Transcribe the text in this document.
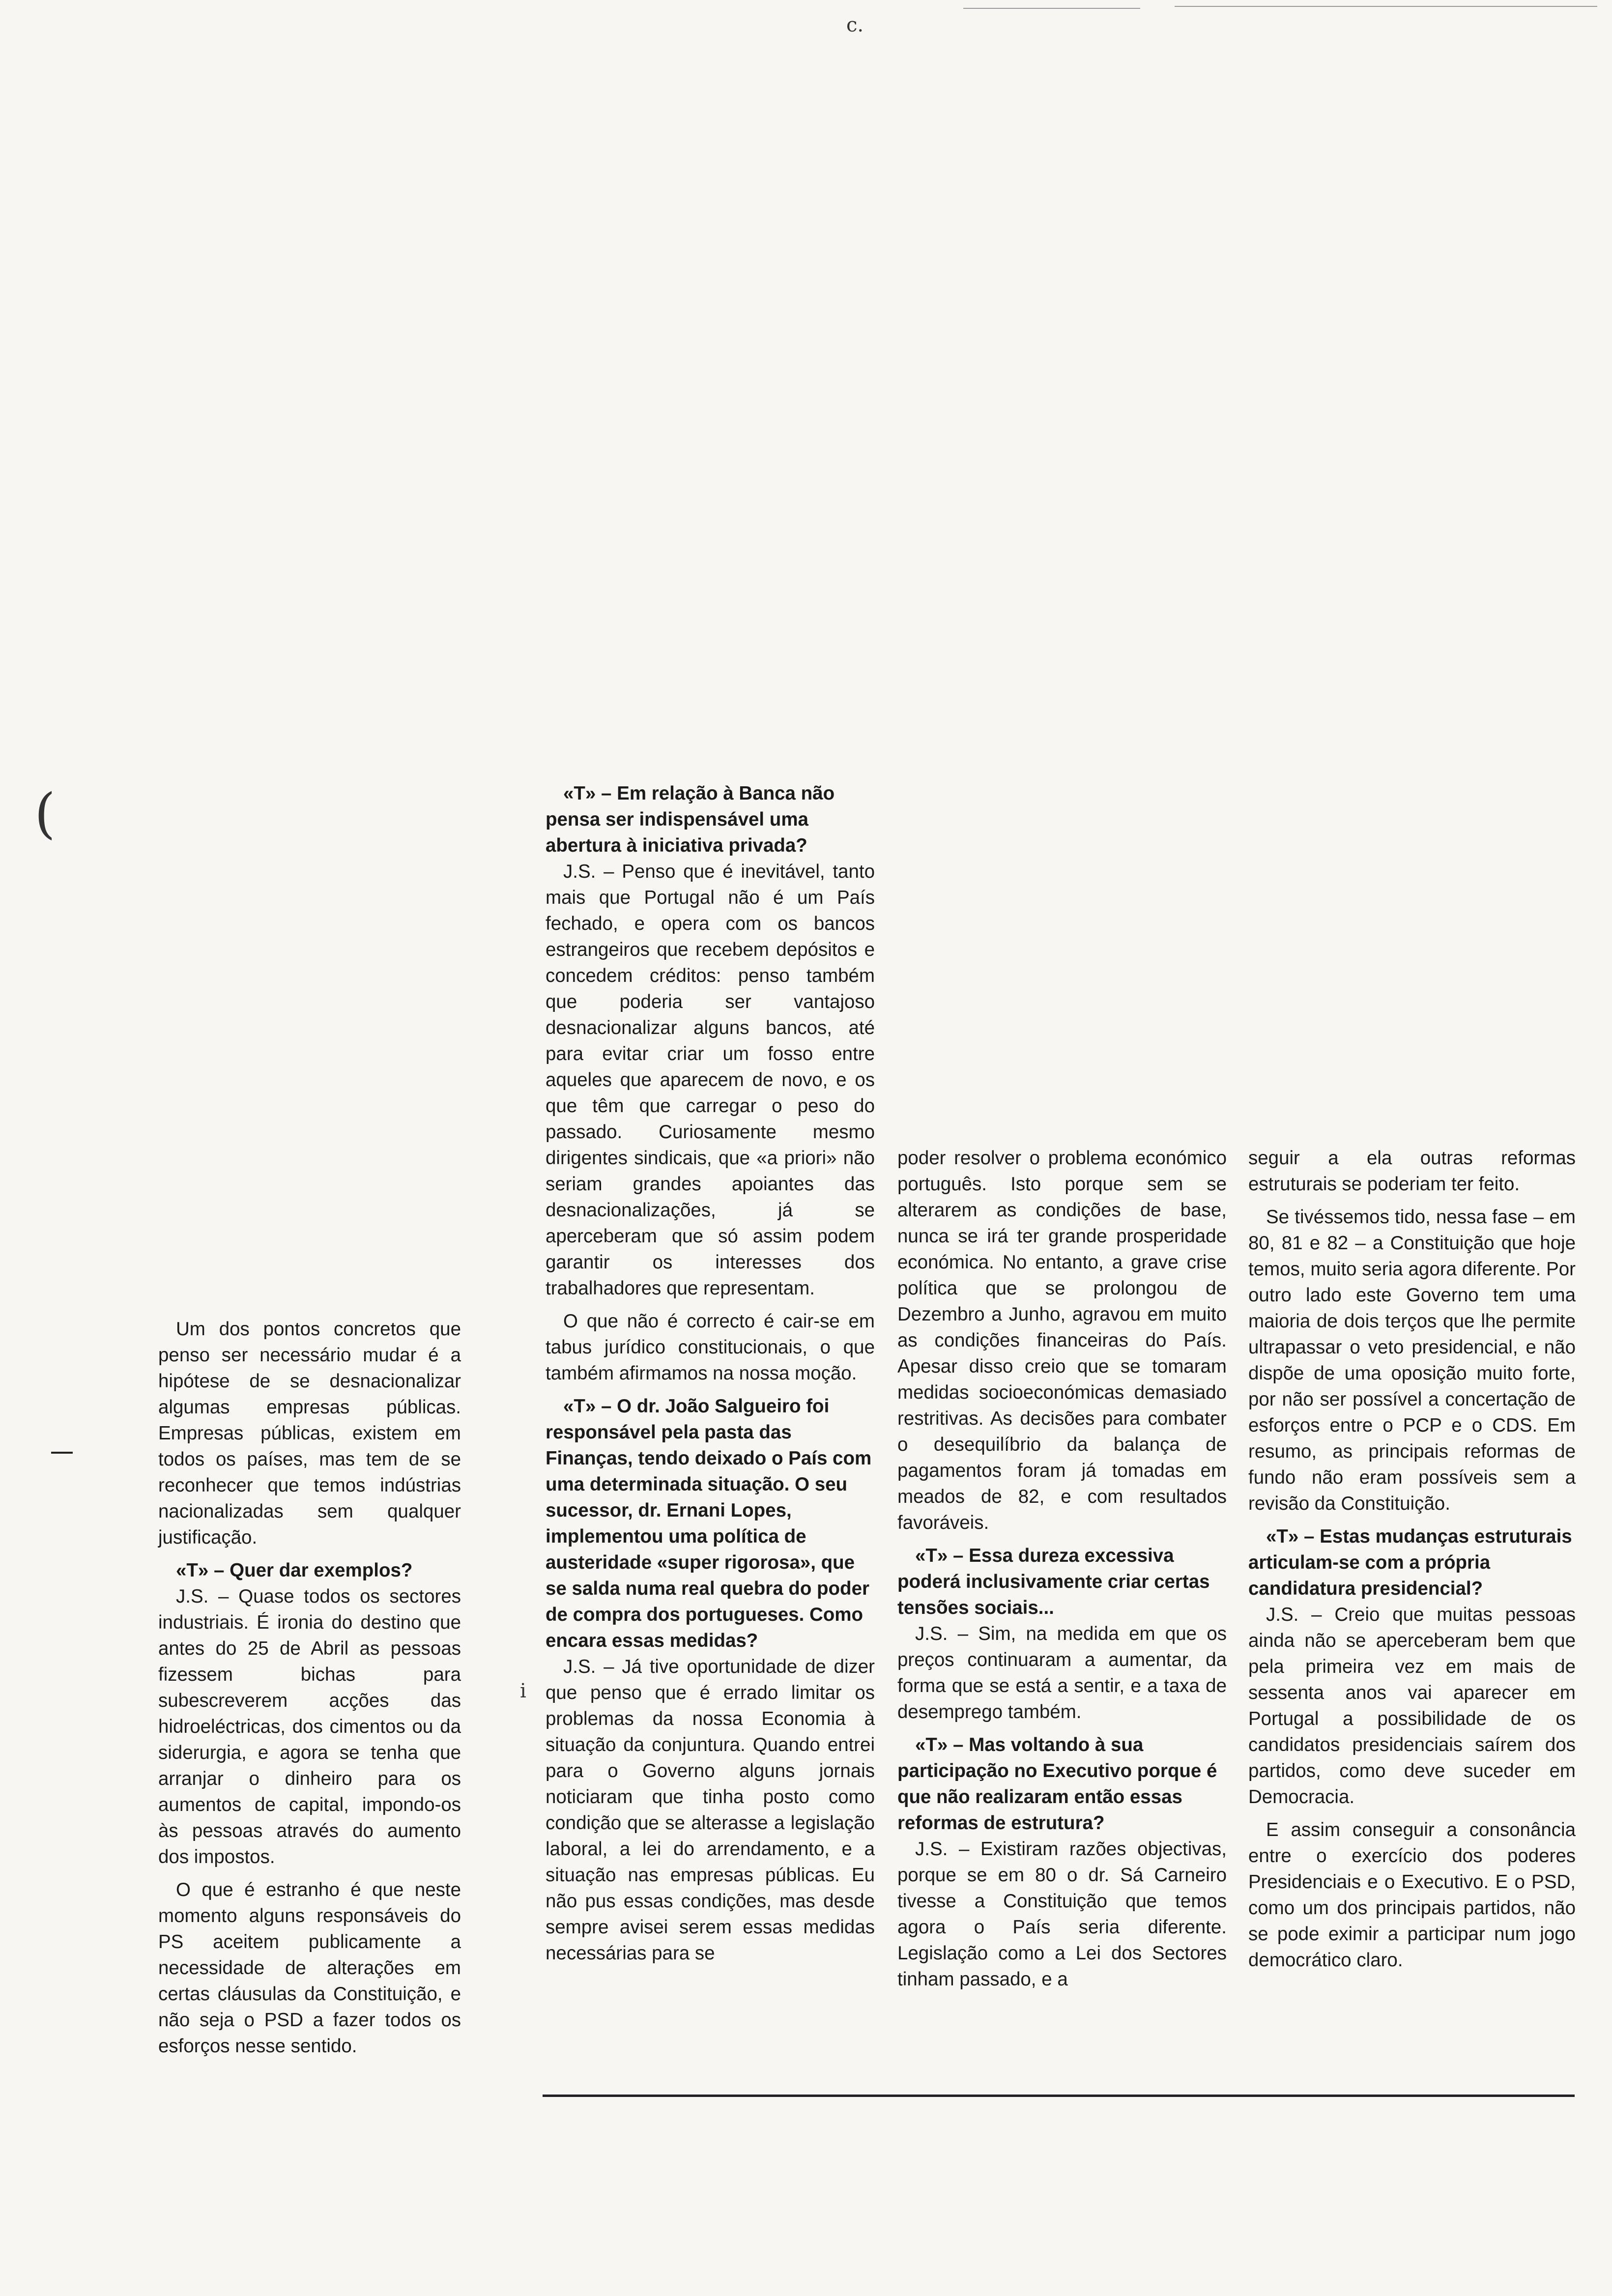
c.
(
i

Um dos pontos concretos que penso ser necessário mudar é a hipótese de se desnacionalizar algumas empresas públicas. Empresas públicas, existem em todos os países, mas tem de se reconhecer que temos indústrias nacionalizadas sem qualquer justificação.

«T» – Quer dar exemplos?

J.S. – Quase todos os sectores industriais. É ironia do destino que antes do 25 de Abril as pessoas fizessem bichas para subescreverem acções das hidroeléctricas, dos cimentos ou da siderurgia, e agora se tenha que arranjar o dinheiro para os aumentos de capital, impondo-os às pessoas através do aumento dos impostos.

O que é estranho é que neste momento alguns responsáveis do PS aceitem publicamente a necessidade de alterações em certas cláusulas da Constituição, e não seja o PSD a fazer todos os esforços nesse sentido.

«T» – Em relação à Banca não pensa ser indispensável uma abertura à iniciativa privada?

J.S. – Penso que é inevitável, tanto mais que Portugal não é um País fechado, e opera com os bancos estrangeiros que recebem depósitos e concedem créditos: penso também que poderia ser vantajoso desnacionalizar alguns bancos, até para evitar criar um fosso entre aqueles que aparecem de novo, e os que têm que carregar o peso do passado. Curiosamente mesmo dirigentes sindicais, que «a priori» não seriam grandes apoiantes das desnacionalizações, já se aperceberam que só assim podem garantir os interesses dos trabalhadores que representam.

O que não é correcto é cair-se em tabus jurídico constitucionais, o que também afirmamos na nossa moção.

«T» – O dr. João Salgueiro foi responsável pela pasta das Finanças, tendo deixado o País com uma determinada situação. O seu sucessor, dr. Ernani Lopes, implementou uma política de austeridade «super rigorosa», que se salda numa real quebra do poder de compra dos portugueses. Como encara essas medidas?

J.S. – Já tive oportunidade de dizer que penso que é errado limitar os problemas da nossa Economia à situação da conjuntura. Quando entrei para o Governo alguns jornais noticiaram que tinha posto como condição que se alterasse a legislação laboral, a lei do arrendamento, e a situação nas empresas públicas. Eu não pus essas condições, mas desde sempre avisei serem essas medidas necessárias para se

poder resolver o problema económico português. Isto porque sem se alterarem as condições de base, nunca se irá ter grande prosperidade económica. No entanto, a grave crise política que se prolongou de Dezembro a Junho, agravou em muito as condições financeiras do País. Apesar disso creio que se tomaram medidas socioeconómicas demasiado restritivas. As decisões para combater o desequilíbrio da balança de pagamentos foram já tomadas em meados de 82, e com resultados favoráveis.

«T» – Essa dureza excessiva poderá inclusivamente criar certas tensões sociais...

J.S. – Sim, na medida em que os preços continuaram a aumentar, da forma que se está a sentir, e a taxa de desemprego também.

«T» – Mas voltando à sua participação no Executivo porque é que não realizaram então essas reformas de estrutura?

J.S. – Existiram razões objectivas, porque se em 80 o dr. Sá Carneiro tivesse a Constituição que temos agora o País seria diferente. Legislação como a Lei dos Sectores tinham passado, e a

seguir a ela outras reformas estruturais se poderiam ter feito.

Se tivéssemos tido, nessa fase – em 80, 81 e 82 – a Constituição que hoje temos, muito seria agora diferente. Por outro lado este Governo tem uma maioria de dois terços que lhe permite ultrapassar o veto presidencial, e não dispõe de uma oposição muito forte, por não ser possível a concertação de esforços entre o PCP e o CDS. Em resumo, as principais reformas de fundo não eram possíveis sem a revisão da Constituição.

«T» – Estas mudanças estruturais articulam-se com a própria candidatura presidencial?

J.S. – Creio que muitas pessoas ainda não se aperceberam bem que pela primeira vez em mais de sessenta anos vai aparecer em Portugal a possibilidade de os candidatos presidenciais saírem dos partidos, como deve suceder em Democracia.

E assim conseguir a consonância entre o exercício dos poderes Presidenciais e o Executivo. E o PSD, como um dos principais partidos, não se pode eximir a participar num jogo democrático claro.
